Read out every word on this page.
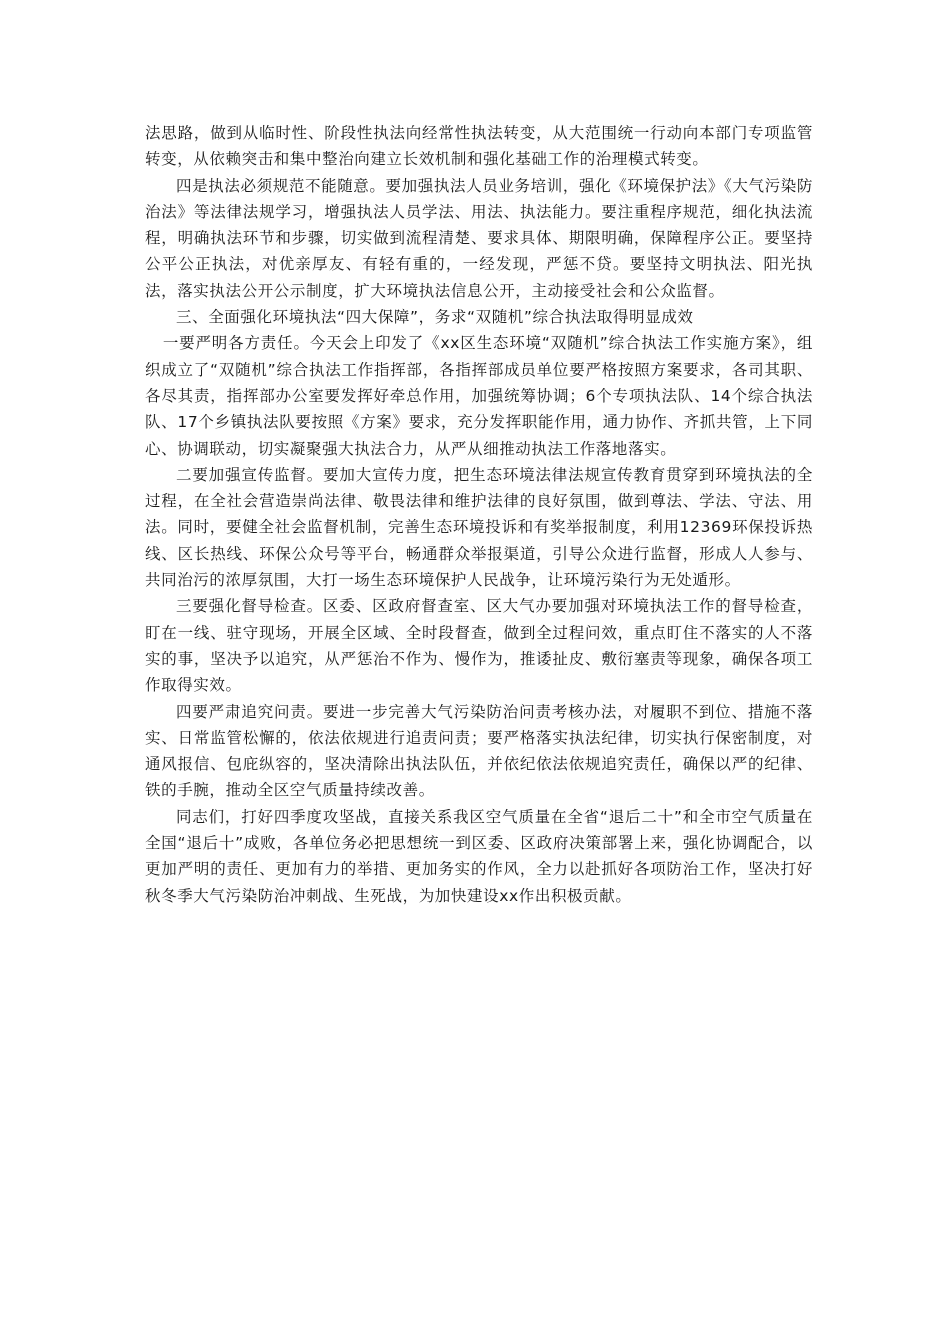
法思路，做到从临时性、阶段性执法向经常性执法转变，从大范围统一行动向本部门专项监管转变，从依赖突击和集中整治向建立长效机制和强化基础工作的治理模式转变。

四是执法必须规范不能随意。要加强执法人员业务培训，强化《环境保护法》《大气污染防治法》等法律法规学习，增强执法人员学法、用法、执法能力。要注重程序规范，细化执法流程，明确执法环节和步骤，切实做到流程清楚、要求具体、期限明确，保障程序公正。要坚持公平公正执法，对优亲厚友、有轻有重的，一经发现，严惩不贷。要坚持文明执法、阳光执法，落实执法公开公示制度，扩大环境执法信息公开，主动接受社会和公众监督。

三、全面强化环境执法“四大保障”，务求“双随机”综合执法取得明显成效

一要严明各方责任。今天会上印发了《xx区生态环境“双随机”综合执法工作实施方案》，组织成立了“双随机”综合执法工作指挥部，各指挥部成员单位要严格按照方案要求，各司其职、各尽其责，指挥部办公室要发挥好牵总作用，加强统筹协调；6个专项执法队、14个综合执法队、17个乡镇执法队要按照《方案》要求，充分发挥职能作用，通力协作、齐抓共管，上下同心、协调联动，切实凝聚强大执法合力，从严从细推动执法工作落地落实。

二要加强宣传监督。要加大宣传力度，把生态环境法律法规宣传教育贯穿到环境执法的全过程，在全社会营造崇尚法律、敬畏法律和维护法律的良好氛围，做到尊法、学法、守法、用法。同时，要健全社会监督机制，完善生态环境投诉和有奖举报制度，利用12369环保投诉热线、区长热线、环保公众号等平台，畅通群众举报渠道，引导公众进行监督，形成人人参与、共同治污的浓厚氛围，大打一场生态环境保护人民战争，让环境污染行为无处遁形。

三要强化督导检查。区委、区政府督查室、区大气办要加强对环境执法工作的督导检查，盯在一线、驻守现场，开展全区域、全时段督查，做到全过程问效，重点盯住不落实的人不落实的事，坚决予以追究，从严惩治不作为、慢作为，推诿扯皮、敷衍塞责等现象，确保各项工作取得实效。

四要严肃追究问责。要进一步完善大气污染防治问责考核办法，对履职不到位、措施不落实、日常监管松懈的，依法依规进行追责问责；要严格落实执法纪律，切实执行保密制度，对通风报信、包庇纵容的，坚决清除出执法队伍，并依纪依法依规追究责任，确保以严的纪律、铁的手腕，推动全区空气质量持续改善。

同志们，打好四季度攻坚战，直接关系我区空气质量在全省“退后二十”和全市空气质量在全国“退后十”成败，各单位务必把思想统一到区委、区政府决策部署上来，强化协调配合，以更加严明的责任、更加有力的举措、更加务实的作风，全力以赴抓好各项防治工作，坚决打好秋冬季大气污染防治冲刺战、生死战，为加快建设xx作出积极贡献。
